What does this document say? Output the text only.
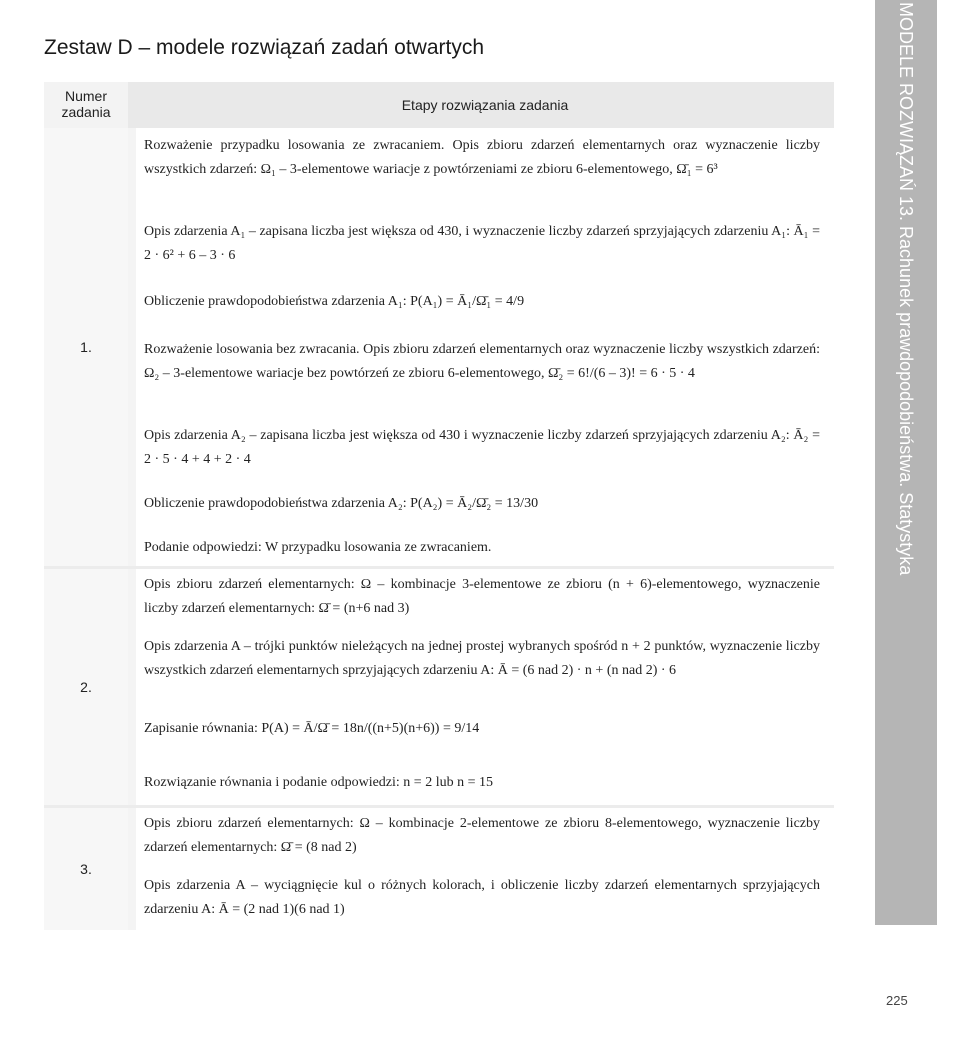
Zestaw D – modele rozwiązań zadań otwartych
Numer
zadania	Etapy rozwiązania zadania
1.
Rozważenie przypadku losowania ze zwracaniem. Opis zbioru zdarzeń elementarnych oraz wyznaczenie liczby wszystkich zdarzeń: Ω₁ – 3-elementowe wariacje z powtórzeniami ze zbioru 6-elementowego, Ω̄₁ = 6³
Opis zdarzenia A₁ – zapisana liczba jest większa od 430, i wyznaczenie liczby zdarzeń sprzyjających zdarzeniu A₁: Ā₁ = 2 · 6² + 6 – 3 · 6
Obliczenie prawdopodobieństwa zdarzenia A₁: P(A₁) = Ā₁/Ω̄₁ = 4/9
Rozważenie losowania bez zwracania. Opis zbioru zdarzeń elementarnych oraz wyznaczenie liczby wszystkich zdarzeń: Ω₂ – 3-elementowe wariacje bez powtórzeń ze zbioru 6-elementowego, Ω̄₂ = 6!/(6 – 3)! = 6 · 5 · 4
Opis zdarzenia A₂ – zapisana liczba jest większa od 430 i wyznaczenie liczby zdarzeń sprzyjających zdarzeniu A₂: Ā₂ = 2 · 5 · 4 + 4 + 2 · 4
Obliczenie prawdopodobieństwa zdarzenia A₂: P(A₂) = Ā₂/Ω̄₂ = 13/30
Podanie odpowiedzi: W przypadku losowania ze zwracaniem.
2.
Opis zbioru zdarzeń elementarnych: Ω – kombinacje 3-elementowe ze zbioru (n + 6)-elementowego, wyznaczenie liczby zdarzeń elementarnych: Ω̄ = (n+6 nad 3)
Opis zdarzenia A – trójki punktów nieleżących na jednej prostej wybranych spośród n + 2 punktów, wyznaczenie liczby wszystkich zdarzeń elementarnych sprzyjających zdarzeniu A: Ā = (6 nad 2) · n + (n nad 2) · 6
Zapisanie równania: P(A) = Ā/Ω̄ = 18n/((n+5)(n+6)) = 9/14
Rozwiązanie równania i podanie odpowiedzi: n = 2 lub n = 15
3.
Opis zbioru zdarzeń elementarnych: Ω – kombinacje 2-elementowe ze zbioru 8-elementowego, wyznaczenie liczby zdarzeń elementarnych: Ω̄ = (8 nad 2)
Opis zdarzenia A – wyciągnięcie kul o różnych kolorach, i obliczenie liczby zdarzeń elementarnych sprzyjających zdarzeniu A: Ā = (2 nad 1)(6 nad 1)
MODELE ROZWIĄZAŃ 13. Rachunek prawdopodobieństwa. Statystyka
225
